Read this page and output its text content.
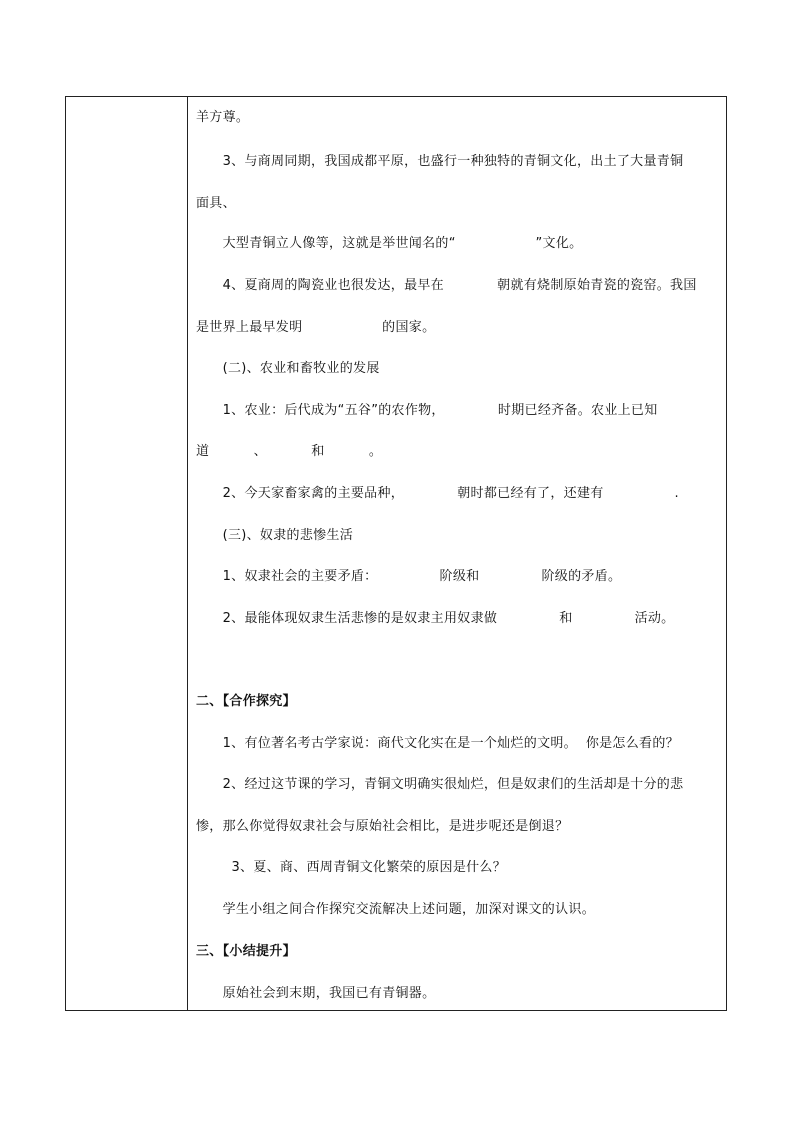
羊方尊。
3、与商周同期，我国成都平原，也盛行一种独特的青铜文化，出土了大量青铜
面具、
大型青铜立人像等，这就是举世闻名的“                  ”文化。
4、夏商周的陶瓷业也很发达，最早在            朝就有烧制原始青瓷的瓷窑。我国
是世界上最早发明                  的国家。
(二)、农业和畜牧业的发展
1、农业：后代成为“五谷”的农作物，            时期已经齐备。农业上已知
道          、          和          。
2、今天家畜家禽的主要品种，            朝时都已经有了，还建有                .
(三)、奴隶的悲惨生活
1、奴隶社会的主要矛盾：              阶级和              阶级的矛盾。
2、最能体现奴隶生活悲惨的是奴隶主用奴隶做              和              活动。
二、【合作探究】
1、有位著名考古学家说：商代文化实在是一个灿烂的文明。  你是怎么看的？
2、经过这节课的学习，青铜文明确实很灿烂，但是奴隶们的生活却是十分的悲
惨，那么你觉得奴隶社会与原始社会相比，是进步呢还是倒退？
3、夏、商、西周青铜文化繁荣的原因是什么？
学生小组之间合作探究交流解决上述问题，加深对课文的认识。
三、【小结提升】
原始社会到末期，我国已有青铜器。
